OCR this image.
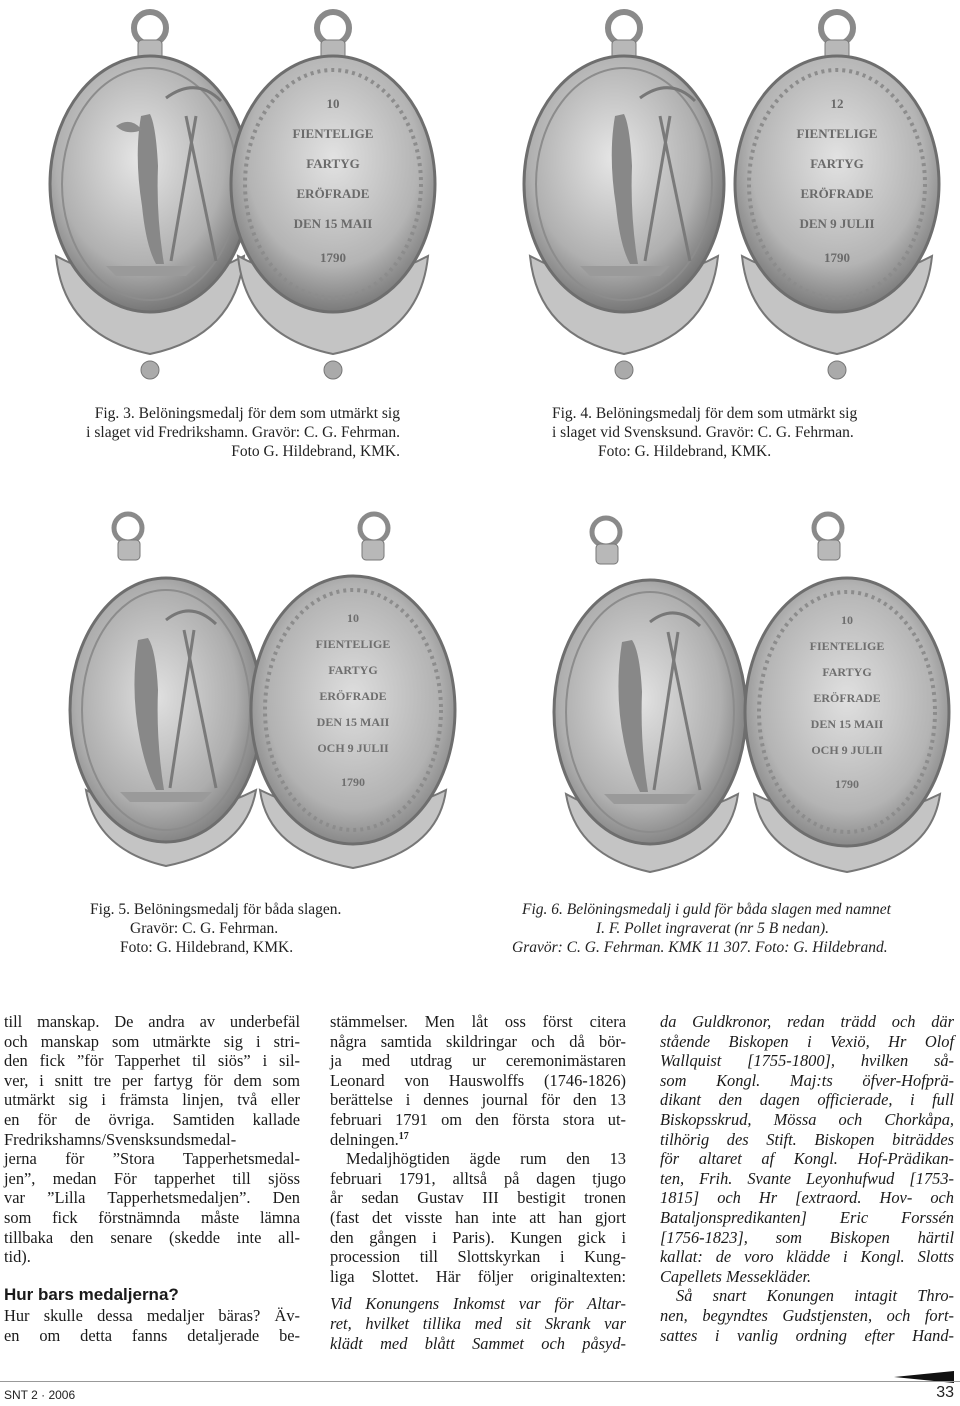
10
FIENTELIGE
FARTYG
ERÖFRADE
DEN 15 MAII
1790
12
FIENTELIGE
FARTYG
ERÖFRADE
DEN 9 JULII
1790
Fig. 3. Belöningsmedalj för dem som utmärkt sig
i slaget vid Fredrikshamn. Gravör: C. G. Fehrman.
Foto G. Hildebrand, KMK.
Fig. 4. Belöningsmedalj för dem som utmärkt sig
i slaget vid Svensksund. Gravör: C. G. Fehrman.
Foto: G. Hildebrand, KMK.
10
FIENTELIGE
FARTYG
ERÖFRADE
DEN 15 MAII
OCH 9 JULII
1790
10
FIENTELIGE
FARTYG
ERÖFRADE
DEN 15 MAII
OCH 9 JULII
1790
Fig. 5. Belöningsmedalj för båda slagen.
Gravör: C. G. Fehrman.
Foto: G. Hildebrand, KMK.
Fig. 6. Belöningsmedalj i guld för båda slagen med namnet
I. F. Pollet ingraverat (nr 5 B nedan).
Gravör: C. G. Fehrman. KMK 11 307. Foto: G. Hildebrand.
till manskap. De andra av underbefäl
och manskap som utmärkte sig i stri-
den fick ”för Tapperhet til siös” i sil-
ver, i snitt tre per fartyg för dem som
utmärkt sig i främsta linjen, två eller
en för de övriga. Samtiden kallade
Fredrikshamns/Svensksundsmedal-
jerna för ”Stora Tapperhetsmedal-
jen”, medan För tapperhet till sjöss
var ”Lilla Tapperhetsmedaljen”. Den
som fick förstnämnda måste lämna
tillbaka den senare (skedde inte all-
tid).
Hur bars medaljerna?
Hur skulle dessa medaljer bäras? Äv-
en om detta fanns detaljerade be-
stämmelser. Men låt oss först citera
några samtida skildringar och då bör-
ja med utdrag ur ceremonimästaren
Leonard von Hauswolffs (1746-1826)
berättelse i dennes journal för den 13
februari 1791 om den första stora ut-
delningen.$^{17}$
Medaljhögtiden ägde rum den 13
februari 1791, alltså på dagen tjugo
år sedan Gustav III bestigit tronen
(fast det visste han inte att han gjort
den gången i Paris). Kungen gick i
procession till Slottskyrkan i Kung-
liga Slottet. Här följer originaltexten:
Vid Konungens Inkomst var för Altar-
ret, hvilket tillika med sit Skrank var
klädt med blått Sammet och påsyd-
da Guldkronor, redan trädd och där
stående Biskopen i Vexiö, Hr Olof
Wallquist [1755-1800], hvilken så-
som Kongl. Maj:ts öfver-Hofprä-
dikant den dagen officierade, i full
Biskopsskrud, Mössa och Chorkåpa,
tilhörig des Stift. Biskopen biträddes
för altaret af Kongl. Hof-Prädikan-
ten, Frih. Svante Leyonhufwud [1753-
1815] och Hr [extraord. Hov- och
Bataljonspredikanten] Eric Forssén
[1756-1823], som Biskopen härtil
kallat: de voro klädde i Kongl. Slotts
Capellets Messekläder.
Så snart Konungen intagit Thro-
nen, begyndtes Gudstjensten, och fort-
sattes i vanlig ordning efter Hand-
SNT 2 · 2006	33
